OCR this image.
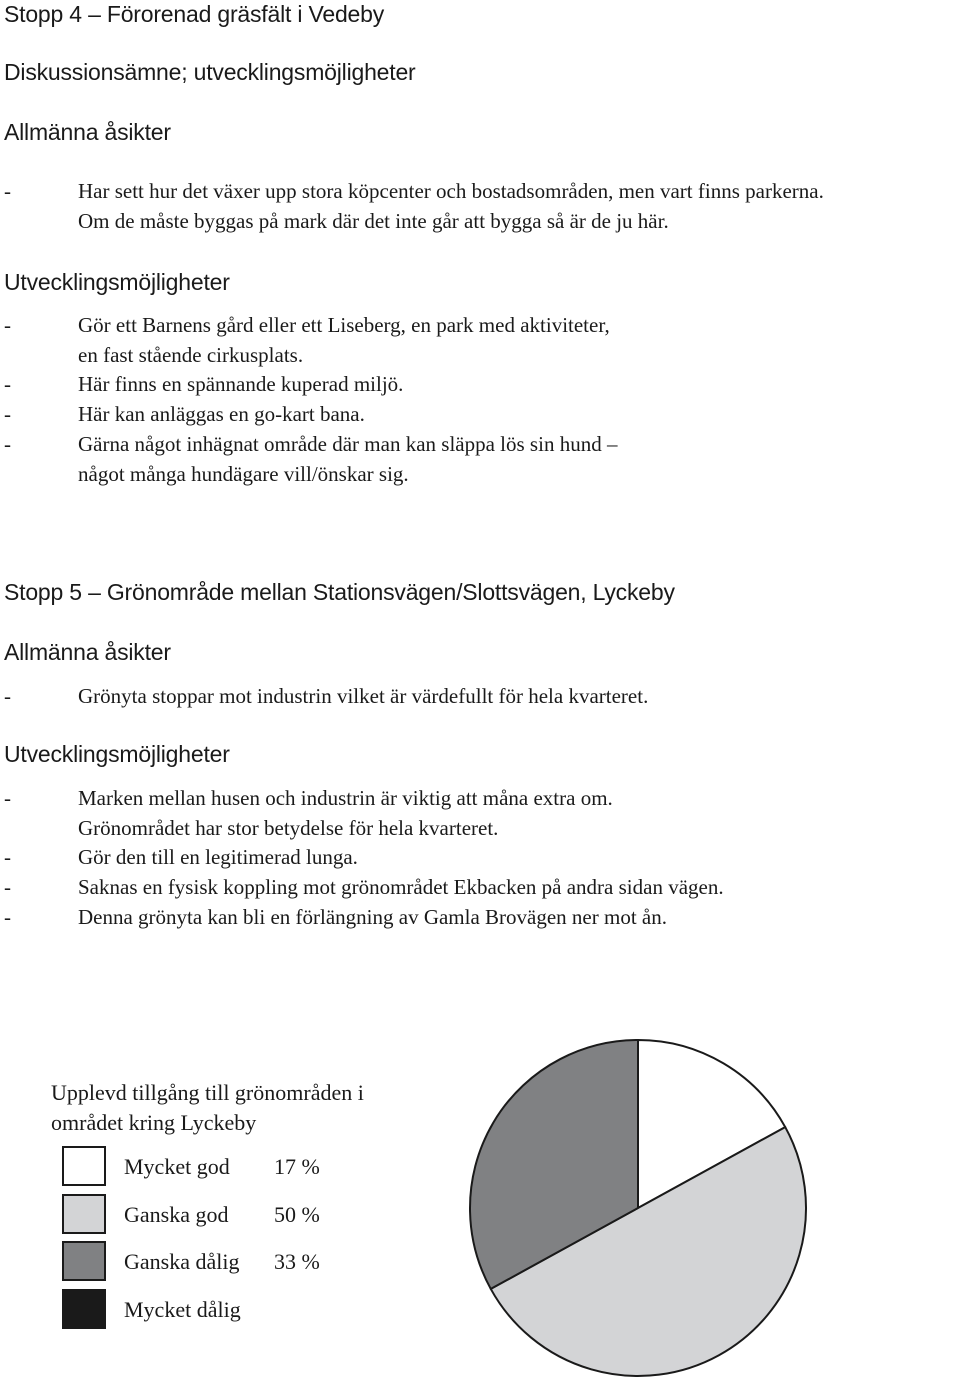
Stopp 4 – Förorenad gräsfält i Vedeby
Diskussionsämne; utvecklingsmöjligheter
Allmänna åsikter
-	Har sett hur det växer upp stora köpcenter och bostadsområden, men vart finns parkerna.
Om de måste byggas på mark där det inte går att bygga så är de ju här.
Utvecklingsmöjligheter
-	Gör ett Barnens gård eller ett Liseberg, en park med aktiviteter,
en fast stående cirkusplats.
-	Här finns en spännande kuperad miljö.
-	Här kan anläggas en go-kart bana.
-	Gärna något inhägnat område där man kan släppa lös sin hund –
något många hundägare vill/önskar sig.
Stopp 5 – Grönområde mellan Stationsvägen/Slottsvägen, Lyckeby
Allmänna åsikter
-	Grönyta stoppar mot industrin vilket är värdefullt för hela kvarteret.
Utvecklingsmöjligheter
-	Marken mellan husen och industrin är viktig att måna extra om.
Grönområdet har stor betydelse för hela kvarteret.
-	Gör den till en legitimerad lunga.
-	Saknas en fysisk koppling mot grönområdet Ekbacken på andra sidan vägen.
-	Denna grönyta kan bli en förlängning av Gamla Brovägen ner mot ån.
Upplevd tillgång till grönområden i
området kring Lyckeby
Mycket god 17 %
Ganska god 50 %
Ganska dålig 33 %
Mycket dålig
